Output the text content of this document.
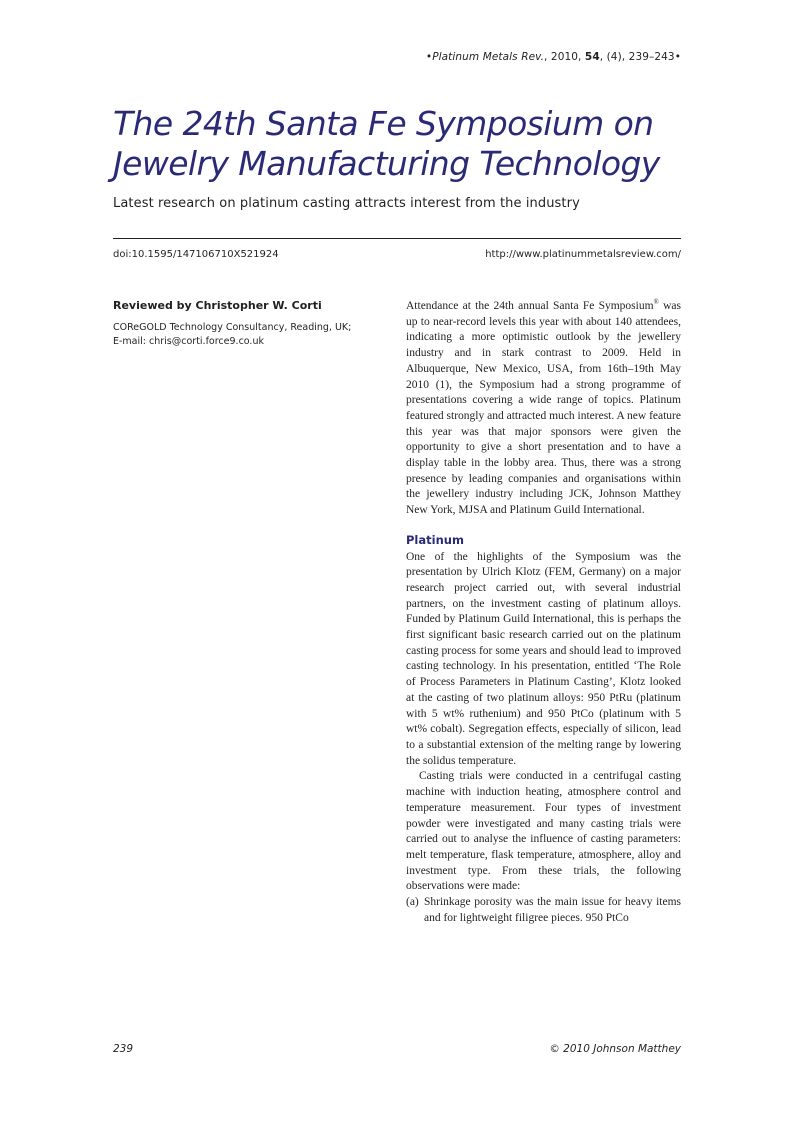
•Platinum Metals Rev., 2010, 54, (4), 239–243•
The 24th Santa Fe Symposium on
Jewelry Manufacturing Technology
Latest research on platinum casting attracts interest from the industry
doi:10.1595/147106710X521924	http://www.platinummetalsreview.com/

Reviewed by Christopher W. Corti

COReGOLD Technology Consultancy, Reading, UK;

E-mail: chris@corti.force9.co.uk

Attendance at the 24th annual Santa Fe Symposium® was up to near-record levels this year with about 140 attendees, indicating a more optimistic outlook by the jewellery industry and in stark contrast to 2009. Held in Albuquerque, New Mexico, USA, from 16th–19th May 2010 (1), the Symposium had a strong programme of presentations covering a wide range of topics. Platinum featured strongly and attracted much interest. A new feature this year was that major sponsors were given the opportunity to give a short presentation and to have a display table in the lobby area. Thus, there was a strong presence by leading companies and organisations within the jewellery industry including JCK, Johnson Matthey New York, MJSA and Platinum Guild International.

Platinum

One of the highlights of the Symposium was the presentation by Ulrich Klotz (FEM, Germany) on a major research project carried out, with several industrial partners, on the investment casting of platinum alloys. Funded by Platinum Guild International, this is perhaps the first significant basic research carried out on the platinum casting process for some years and should lead to improved casting technology. In his presentation, entitled ‘The Role of Process Parameters in Platinum Casting’, Klotz looked at the casting of two platinum alloys: 950 PtRu (platinum with 5 wt% ruthenium) and 950 PtCo (platinum with 5 wt% cobalt). Segregation effects, especially of silicon, lead to a substantial extension of the melting range by lowering the solidus temperature.

Casting trials were conducted in a centrifugal casting machine with induction heating, atmosphere control and temperature measurement. Four types of investment powder were investigated and many casting trials were carried out to analyse the influence of casting parameters: melt temperature, flask temperature, atmosphere, alloy and investment type. From these trials, the following observations were made:

(a) Shrinkage porosity was the main issue for heavy items and for lightweight filigree pieces. 950 PtCo
239	© 2010 Johnson Matthey
